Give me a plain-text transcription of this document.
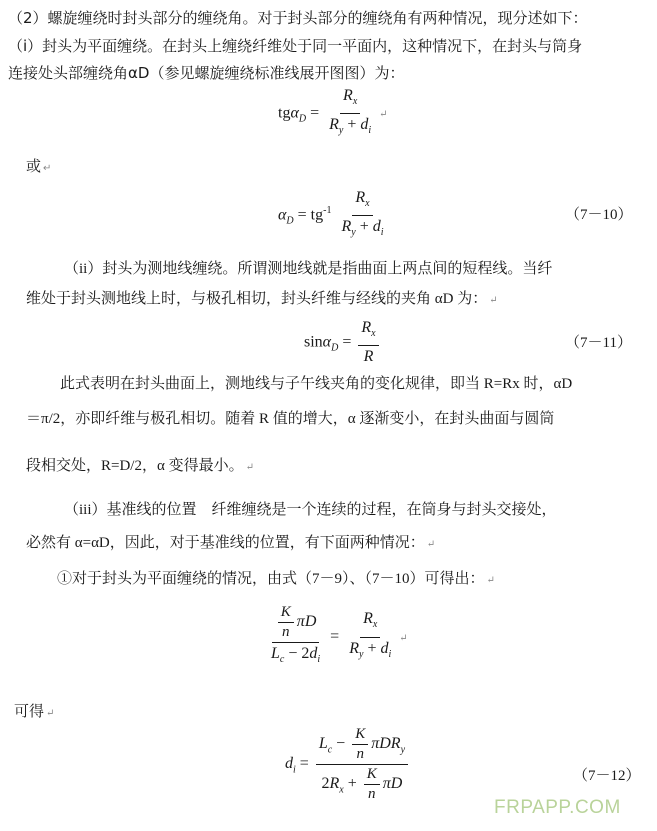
（2）螺旋缠绕时封头部分的缠绕角。对于封头部分的缠绕角有两种情况，现分述如下：
（i）封头为平面缠绕。在封头上缠绕纤维处于同一平面内，这种情况下，在封头与筒身
连接处头部缠绕角αD（参见螺旋缠绕标准线展开图图）为：
$tg\alpha_D = \frac{R_x}{R_y + d_i}$ ↵
或 ↵
$\alpha_D = tg^{-1} \frac{R_x}{R_y + d_i}$	（7－10）
（ii）封头为测地线缠绕。所谓测地线就是指曲面上两点间的短程线。当纤
维处于封头测地线上时，与极孔相切，封头纤维与经线的夹角 αD 为： ↵
$\sin\alpha_D = \frac{R_x}{R}$	（7－11）
此式表明在封头曲面上，测地线与子午线夹角的变化规律，即当 R=Rx 时，αD
＝π/2，亦即纤维与极孔相切。随着 R 值的增大，α 逐渐变小，在封头曲面与圆筒
段相交处，R=D/2，α 变得最小。 ↵
（iii）基准线的位置　纤维缠绕是一个连续的过程，在筒身与封头交接处，
必然有 α=αD，因此，对于基准线的位置，有下面两种情况： ↵
①对于封头为平面缠绕的情况，由式（7－9）、（7－10）可得出： ↵
$\frac{\frac{K}{n} \pi D}{L_c - 2d_i} = \frac{R_x}{R_y + d_i}$ ↵
可得 ↵
$d_i = \frac{L_c - \frac{K}{n} \pi DR_y}{2R_x + \frac{K}{n} \pi D}$	（7－12）
FRPAPP.COM
